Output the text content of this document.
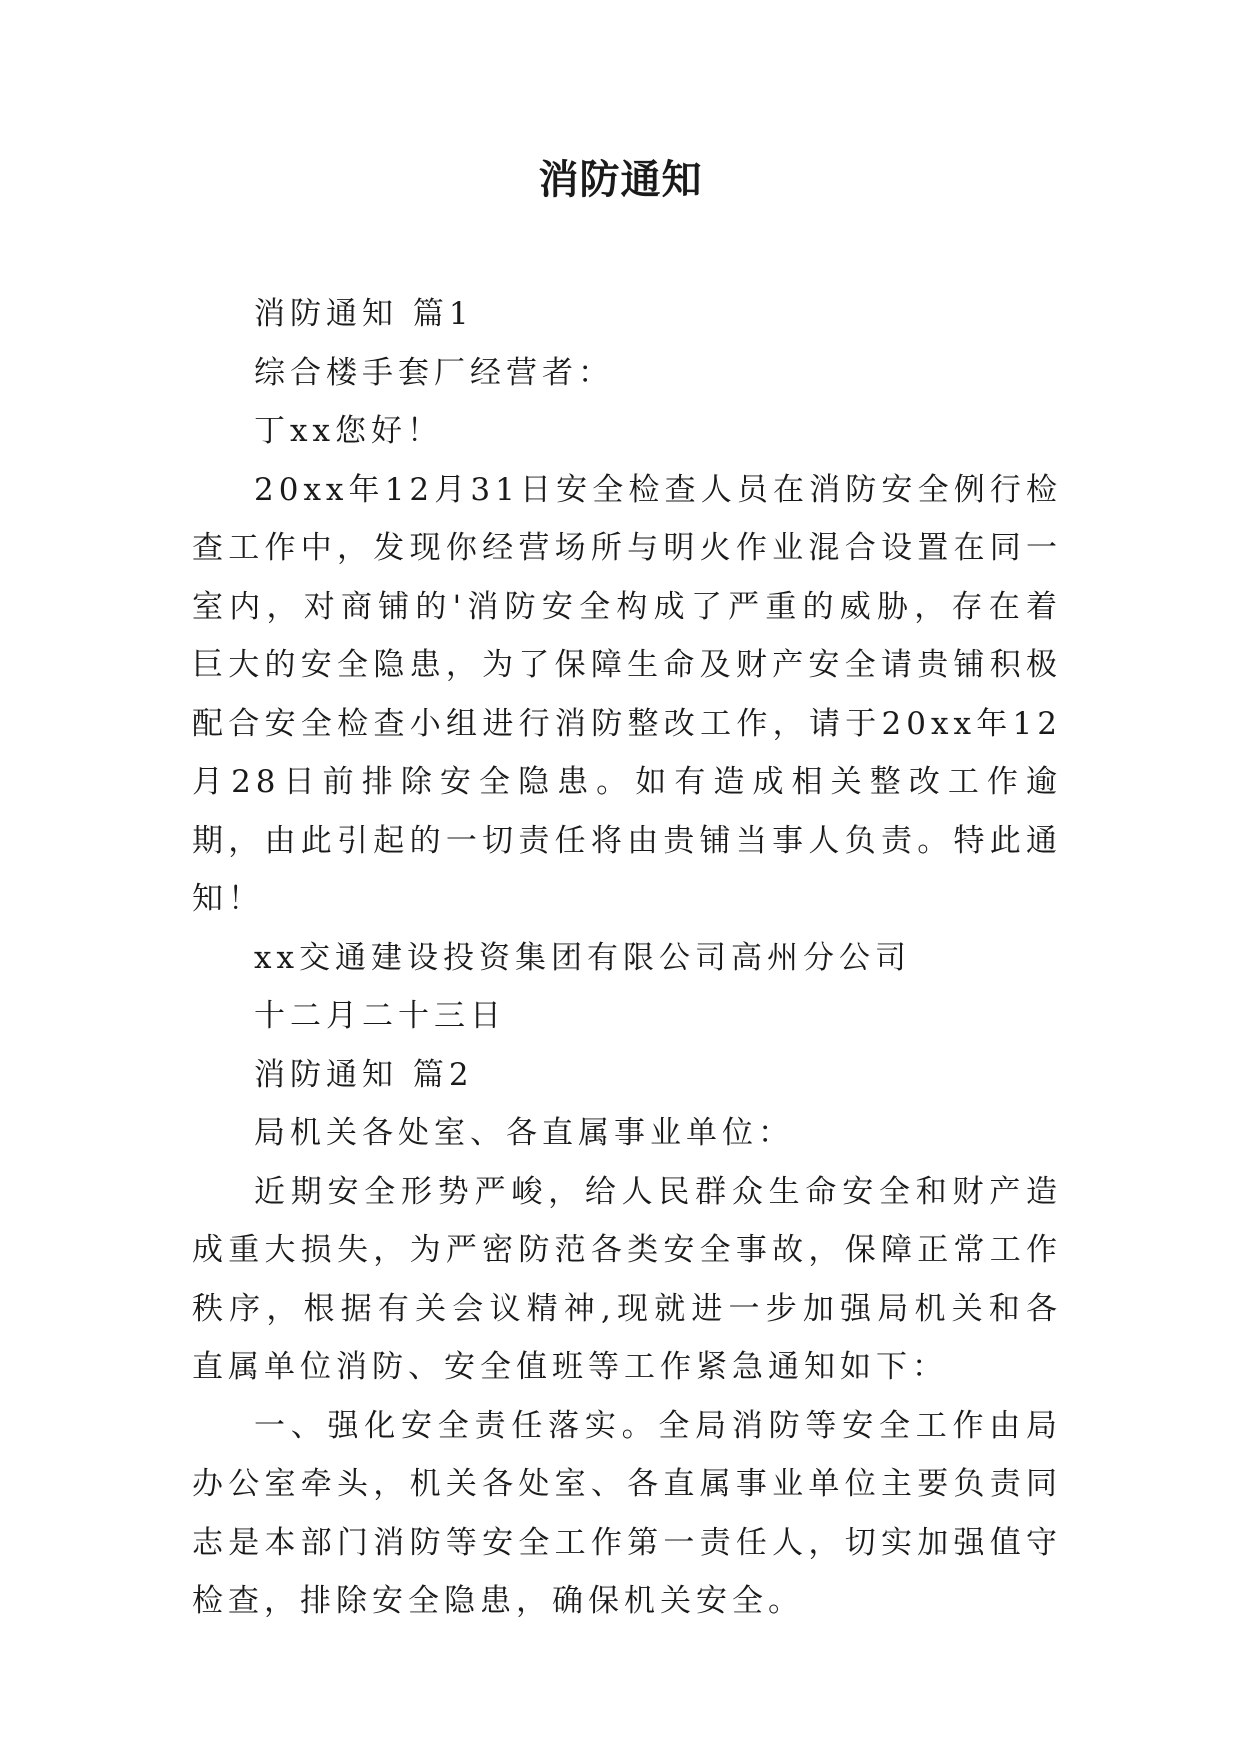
消防通知

消防通知 篇1

综合楼手套厂经营者：

丁xx您好！

20xx年12月31日安全检查人员在消防安全例行检查工作中，发现你经营场所与明火作业混合设置在同一室内，对商铺的'消防安全构成了严重的威胁，存在着巨大的安全隐患，为了保障生命及财产安全请贵铺积极配合安全检查小组进行消防整改工作，请于20xx年12月28日前排除安全隐患。如有造成相关整改工作逾期，由此引起的一切责任将由贵铺当事人负责。特此通知！

xx交通建设投资集团有限公司高州分公司

十二月二十三日

消防通知 篇2

局机关各处室、各直属事业单位：

近期安全形势严峻，给人民群众生命安全和财产造成重大损失，为严密防范各类安全事故，保障正常工作秩序，根据有关会议精神,现就进一步加强局机关和各直属单位消防、安全值班等工作紧急通知如下：

一、强化安全责任落实。全局消防等安全工作由局办公室牵头，机关各处室、各直属事业单位主要负责同志是本部门消防等安全工作第一责任人，切实加强值守检查，排除安全隐患，确保机关安全。
